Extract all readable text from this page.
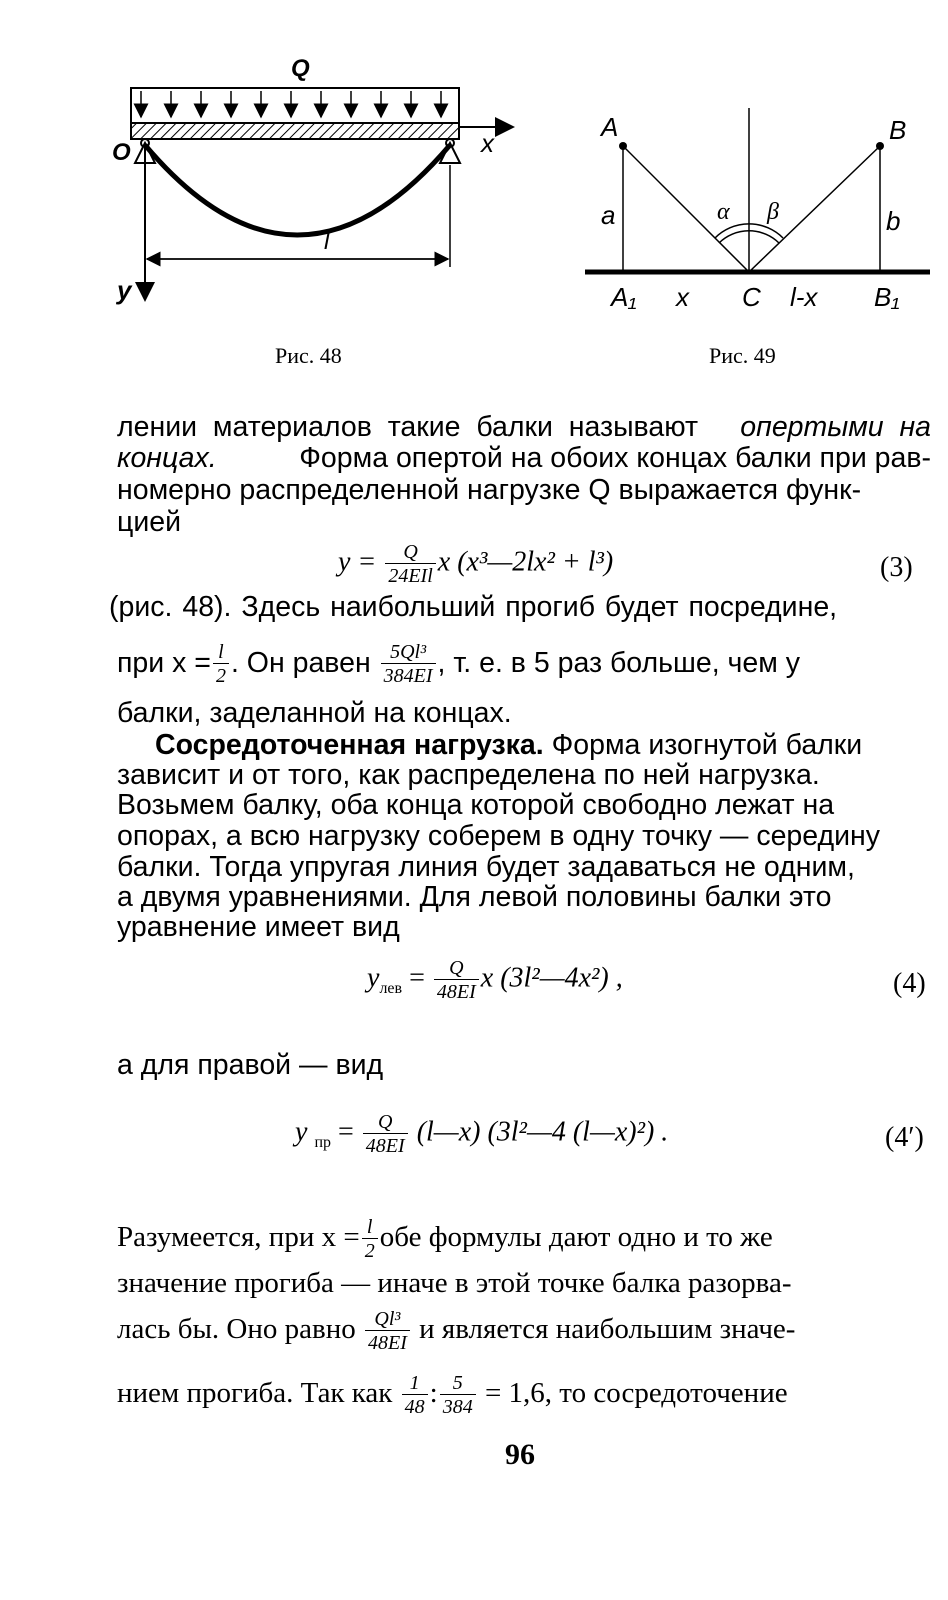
Q
x
O
y
l
Рис. 48
A	B
a	b
α β
A₁ x C l-x B₁
Рис. 49
лении  материалов  такие  балки  называют опертыми  на
концах.	Форма опертой на обоих концах балки при рав-
номерно распределенной нагрузке Q выражается функ-
цией
$y = \frac{Q}{\text{24EIl}}$ x (x³—2lx² + l³)	(3)
(рис. 48). Здесь наибольший прогиб будет посредине,
при $x = \frac{l}{2}$ . Он равен $\frac{\text{5Ql³}}{384EI}$ , т. е. в 5 раз больше, чем у
балки, заделанной на концах.
Сосредоточенная нагрузка. Форма изогнутой балки
зависит и от того, как распределена по ней нагрузка.
Возьмем балку, оба конца которой свободно лежат на
опорах, а всю нагрузку соберем в одну точку — середину
балки. Тогда упругая линия будет задаваться не одним,
а двумя уравнениями. Для левой половины балки это
уравнение имеет вид
$y_{лев} = \frac{Q}{48EI}$ x (3l²—4x²) ,	(4)
а для правой — вид
y $_{пр} = \frac{Q}{48EI}$ (l—x) (3l²—4 (l—x)²) .	(4′)
Разумеется, при $x = \frac{l}{2}$ обе формулы дают одно и то же
значение прогиба — иначе в этой точке балка разорва-
лась бы. Оно равно $\frac{\text{Ql³}}{48EI}$ и является наибольшим значе-
нием прогиба. Так как $\frac{1}{48}$ : $\frac{5}{384} = 1,6$, то сосредоточение
96
